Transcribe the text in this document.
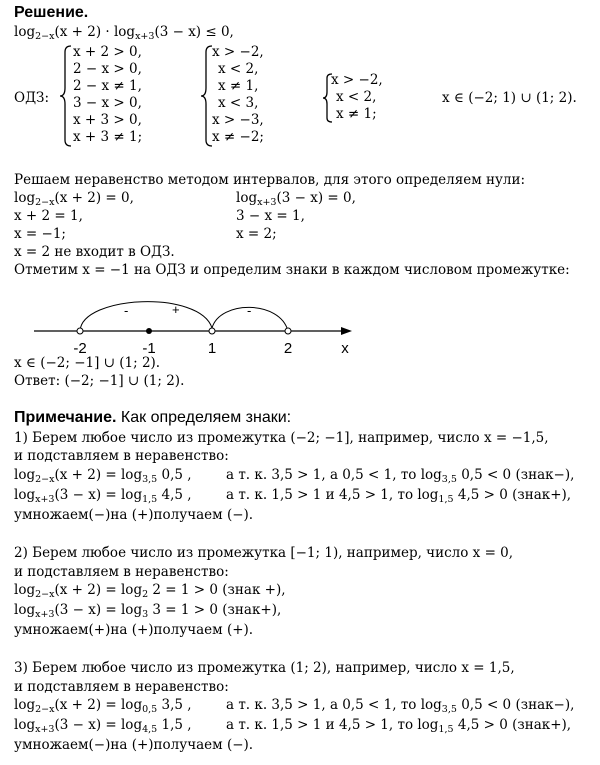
Решение.
$\log_{2-x}(x + 2) \cdot \log_{x+3}(3 - x) \le 0$,
ОДЗ:
x + 2 > 0,
2 − x > 0,
2 − x ≠ 1,
3 − x > 0,
x + 3 > 0,
x + 3 ≠ 1;
x > −2,
x < 2,
x ≠ 1,
x < 3,
x > −3,
x ≠ −2;
x > −2,
x < 2,
x ≠ 1;
x ∈ (−2; 1) ∪ (1; 2).
Решаем неравенство методом интервалов, для этого определяем нули:
$\log_{2-x}(x + 2) = 0$,
x + 2 = 1,
x = −1;
$\log_{x+3}(3 - x) = 0$,
3 − x = 1,
x = 2;
x = 2 не входит в ОДЗ.
Отметим x = −1 на ОДЗ и определим знаки в каждом числовом промежутке:
-	+	-
-2	-1	1	2	x
x ∈ (−2; −1] ∪ (1; 2).
Ответ: (−2; −1] ∪ (1; 2).
Примечание. Как определяем знаки:
1) Берем любое число из промежутка (−2; −1], например, число x = −1,5,
и подставляем в неравенство:
$\log_{2-x}(x + 2) = \log_{3,5} 0,5$ ,	а т. к. 3,5 > 1, а 0,5 < 1, то $\log_{3,5} 0,5 < 0$ (знак−),
$\log_{x+3}(3 - x) = \log_{1,5} 4,5$ ,	а т. к. 1,5 > 1 и 4,5 > 1, то $\log_{1,5} 4,5 > 0$ (знак+),
умножаем(−)на (+)получаем (−).
2) Берем любое число из промежутка [−1; 1), например, число x = 0,
и подставляем в неравенство:
$\log_{2-x}(x + 2) = \log_2 2 = 1 > 0$ (знак +),
$\log_{x+3}(3 - x) = \log_3 3 = 1 > 0$ (знак+),
умножаем(+)на (+)получаем (+).
3) Берем любое число из промежутка (1; 2), например, число x = 1,5,
и подставляем в неравенство:
$\log_{2-x}(x + 2) = \log_{0,5} 3,5$ ,	а т. к. 3,5 > 1, а 0,5 < 1, то $\log_{3,5} 0,5 < 0$ (знак−),
$\log_{x+3}(3 - x) = \log_{4,5} 1,5$ ,	а т. к. 1,5 > 1 и 4,5 > 1, то $\log_{1,5} 4,5 > 0$ (знак+),
умножаем(−)на (+)получаем (−).
